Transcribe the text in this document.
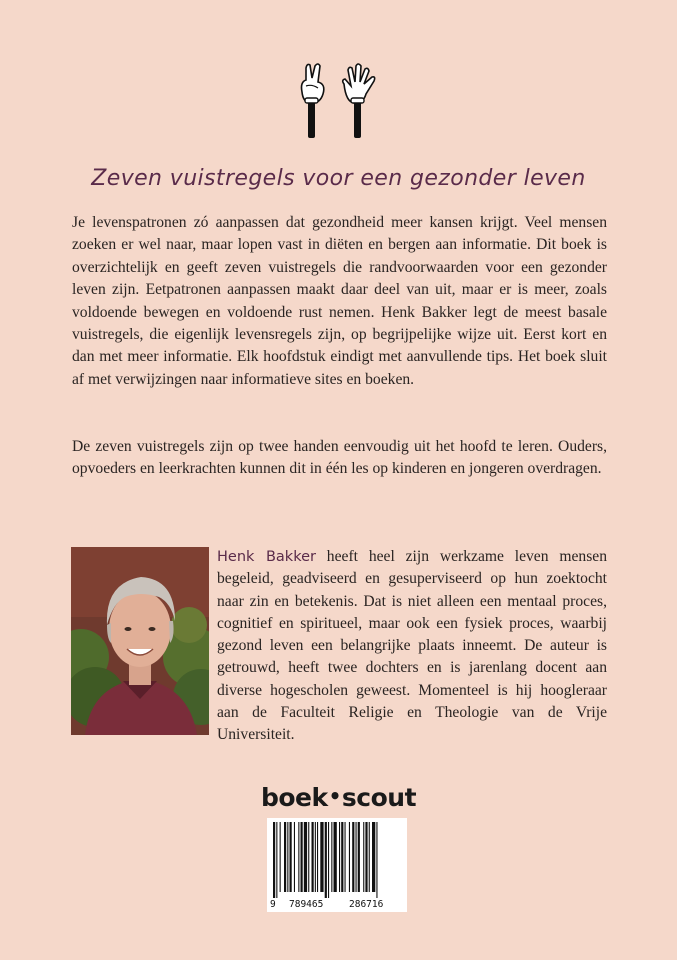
Zeven vuistregels voor een gezonder leven

Je levenspatronen zó aanpassen dat gezondheid meer kansen krijgt. Veel mensen zoeken er wel naar, maar lopen vast in diëten en bergen aan informatie. Dit boek is overzichtelijk en geeft zeven vuistregels die randvoorwaarden voor een gezonder leven zijn. Eetpatronen aanpassen maakt daar deel van uit, maar er is meer, zoals voldoende bewegen en voldoende rust nemen. Henk Bakker legt de meest basale vuistregels, die eigenlijk levensregels zijn, op begrijpelijke wijze uit. Eerst kort en dan met meer informatie. Elk hoofdstuk eindigt met aanvullende tips. Het boek sluit af met verwijzingen naar informatieve sites en boeken.

De zeven vuistregels zijn op twee handen eenvoudig uit het hoofd te leren. Ouders, opvoeders en leerkrachten kunnen dit in één les op kinderen en jongeren overdragen.

Henk Bakker heeft heel zijn werkzame leven mensen begeleid, geadviseerd en gesuperviseerd op hun zoektocht naar zin en betekenis. Dat is niet alleen een mentaal proces, cognitief en spiritueel, maar ook een fysiek proces, waarbij gezond leven een belangrijke plaats inneemt. De auteur is getrouwd, heeft twee dochters en is jarenlang docent aan diverse hogescholen geweest. Momenteel is hij hoogleraar aan de Faculteit Religie en Theologie van de Vrije Universiteit.

boek•scout
9 789465	286716
